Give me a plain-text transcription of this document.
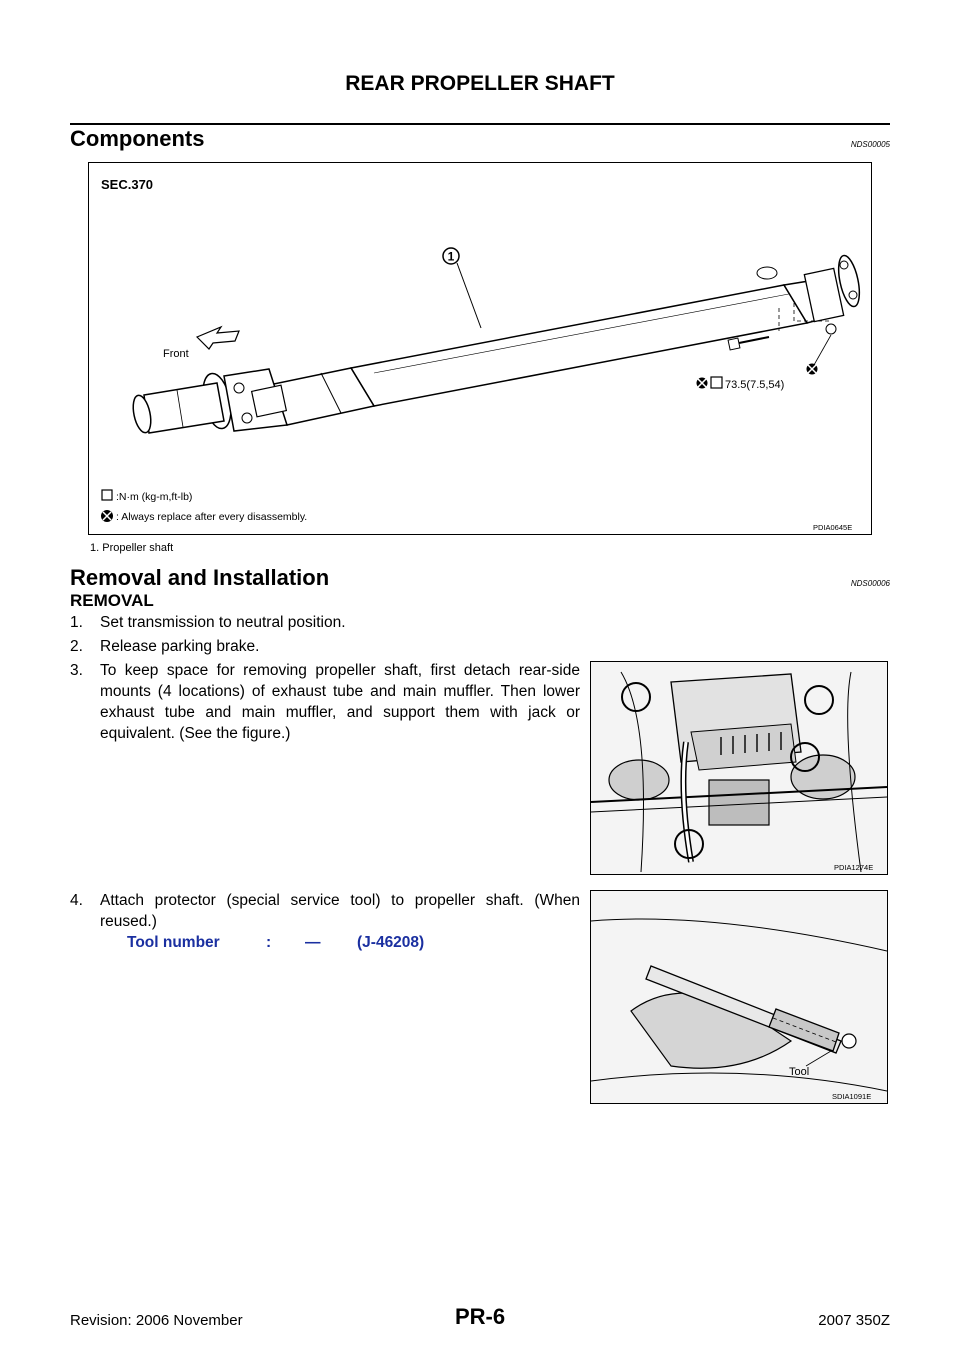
REAR PROPELLER SHAFT
Components	NDS00005
1
73.5(7.5,54)
Front
SEC.370
:N·m (kg-m,ft-lb)
: Always replace after every disassembly.
PDIA0645E
1. Propeller shaft
Removal and Installation	NDS00006
REMOVAL
1. Set transmission to neutral position.
2. Release parking brake.
3. To keep space for removing propeller shaft, first detach rear-side mounts (4 locations) of exhaust tube and main muffler. Then lower exhaust tube and main muffler, and support them with jack or equivalent. (See the figure.)
4. Attach protector (special service tool) to propeller shaft. (When reused.)
Tool number	: — (J-46208)
PDIA1274E
Tool
SDIA1091E
Revision: 2006 November	PR-6	2007 350Z
